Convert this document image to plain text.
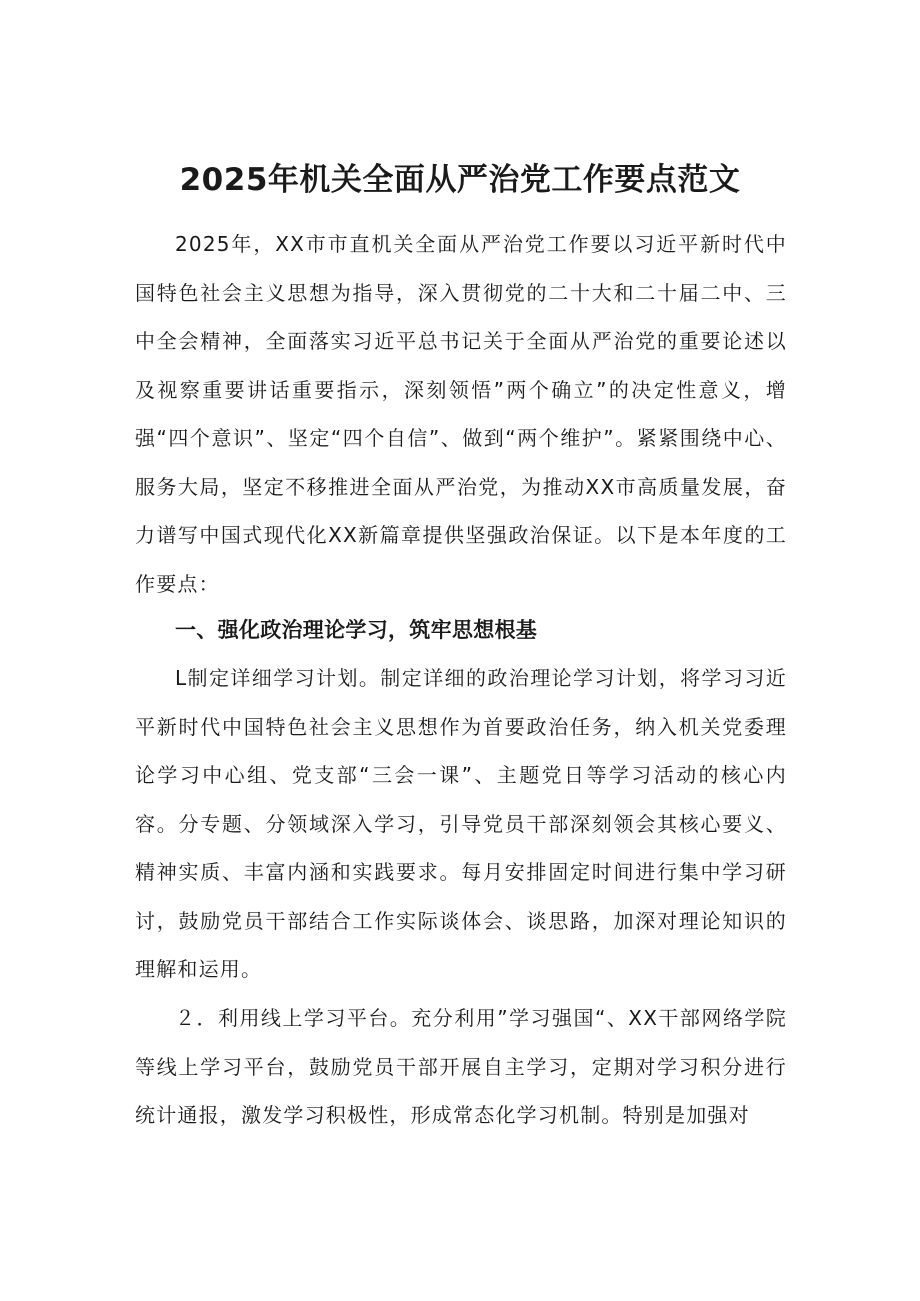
2025年机关全面从严治党工作要点范文

2025年，XX市市直机关全面从严治党工作要以习近平新时代中国特色社会主义思想为指导，深入贯彻党的二十大和二十届二中、三中全会精神，全面落实习近平总书记关于全面从严治党的重要论述以及视察重要讲话重要指示，深刻领悟”两个确立”的决定性意义，增强“四个意识”、坚定“四个自信”、做到“两个维护”。紧紧围绕中心、服务大局，坚定不移推进全面从严治党，为推动XX市高质量发展，奋力谱写中国式现代化XX新篇章提供坚强政治保证。以下是本年度的工作要点：

一、强化政治理论学习，筑牢思想根基

L制定详细学习计划。制定详细的政治理论学习计划，将学习习近平新时代中国特色社会主义思想作为首要政治任务，纳入机关党委理论学习中心组、党支部“三会一课”、主题党日等学习活动的核心内容。分专题、分领域深入学习，引导党员干部深刻领会其核心要义、精神实质、丰富内涵和实践要求。每月安排固定时间进行集中学习研讨，鼓励党员干部结合工作实际谈体会、谈思路，加深对理论知识的理解和运用。

２．利用线上学习平台。充分利用”学习强国“、XX干部网络学院等线上学习平台，鼓励党员干部开展自主学习，定期对学习积分进行统计通报，激发学习积极性，形成常态化学习机制。特别是加强对
